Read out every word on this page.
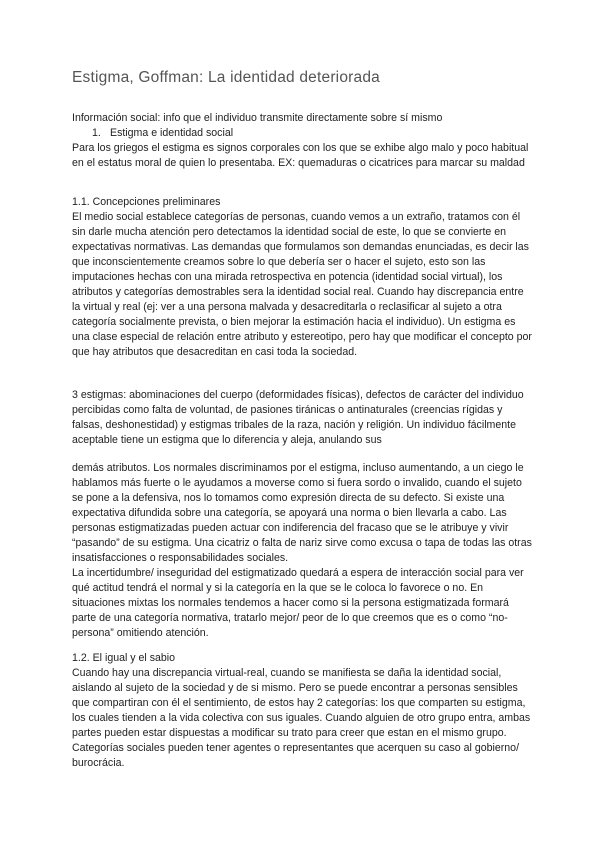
Estigma, Goffman: La identidad deteriorada

Información social: info que el individuo transmite directamente sobre sí mismo

1. Estigma e identidad social

Para los griegos el estigma es signos corporales con los que se exhibe algo malo y poco habitual en el estatus moral de quien lo presentaba. EX: quemaduras o cicatrices para marcar su maldad

1.1. Concepciones preliminares

El medio social establece categorías de personas, cuando vemos a un extraño, tratamos con él sin darle mucha atención pero detectamos la identidad social de este, lo que se convierte en expectativas normativas. Las demandas que formulamos son demandas enunciadas, es decir las que inconscientemente creamos sobre lo que debería ser o hacer el sujeto, esto son las imputaciones hechas con una mirada retrospectiva en potencia (identidad social virtual), los atributos y categorías demostrables sera la identidad social real. Cuando hay discrepancia entre la virtual y real (ej: ver a una persona malvada y desacreditarla o reclasificar al sujeto a otra categoría socialmente prevista, o bien mejorar la estimación hacia el individuo). Un estigma es una clase especial de relación entre atributo y estereotipo, pero hay que modificar el concepto por que hay atributos que desacreditan en casi toda la sociedad.

3 estigmas: abominaciones del cuerpo (deformidades físicas), defectos de carácter del individuo percibidas como falta de voluntad, de pasiones tiránicas o antinaturales (creencias rígidas y falsas, deshonestidad) y estigmas tribales de la raza, nación y religión. Un individuo fácilmente aceptable tiene un estigma que lo diferencia y aleja, anulando sus

demás atributos. Los normales discriminamos por el estigma, incluso aumentando, a un ciego le hablamos más fuerte o le ayudamos a moverse como si fuera sordo o invalido, cuando el sujeto se pone a la defensiva, nos lo tomamos como expresión directa de su defecto. Si existe una expectativa difundida sobre una categoría, se apoyará una norma o bien llevarla a cabo. Las personas estigmatizadas pueden actuar con indiferencia del fracaso que se le atribuye y vivir “pasando” de su estigma. Una cicatriz o falta de nariz sirve como excusa o tapa de todas las otras insatisfacciones o responsabilidades sociales.

La incertidumbre/ inseguridad del estigmatizado quedará a espera de interacción social para ver qué actitud tendrá el normal y si la categoría en la que se le coloca lo favorece o no. En situaciones mixtas los normales tendemos a hacer como si la persona estigmatizada formará parte de una categoría normativa, tratarlo mejor/ peor de lo que creemos que es o como “no-persona” omitiendo atención.

1.2. El igual y el sabio

Cuando hay una discrepancia virtual-real, cuando se manifiesta se daña la identidad social, aislando al sujeto de la sociedad y de si mismo. Pero se puede encontrar a personas sensibles que compartiran con él el sentimiento, de estos hay 2 categorías: los que comparten su estigma, los cuales tienden a la vida colectiva con sus iguales. Cuando alguien de otro grupo entra, ambas partes pueden estar dispuestas a modificar su trato para creer que estan en el mismo grupo. Categorías sociales pueden tener agentes o representantes que acerquen su caso al gobierno/ burocrácia.
